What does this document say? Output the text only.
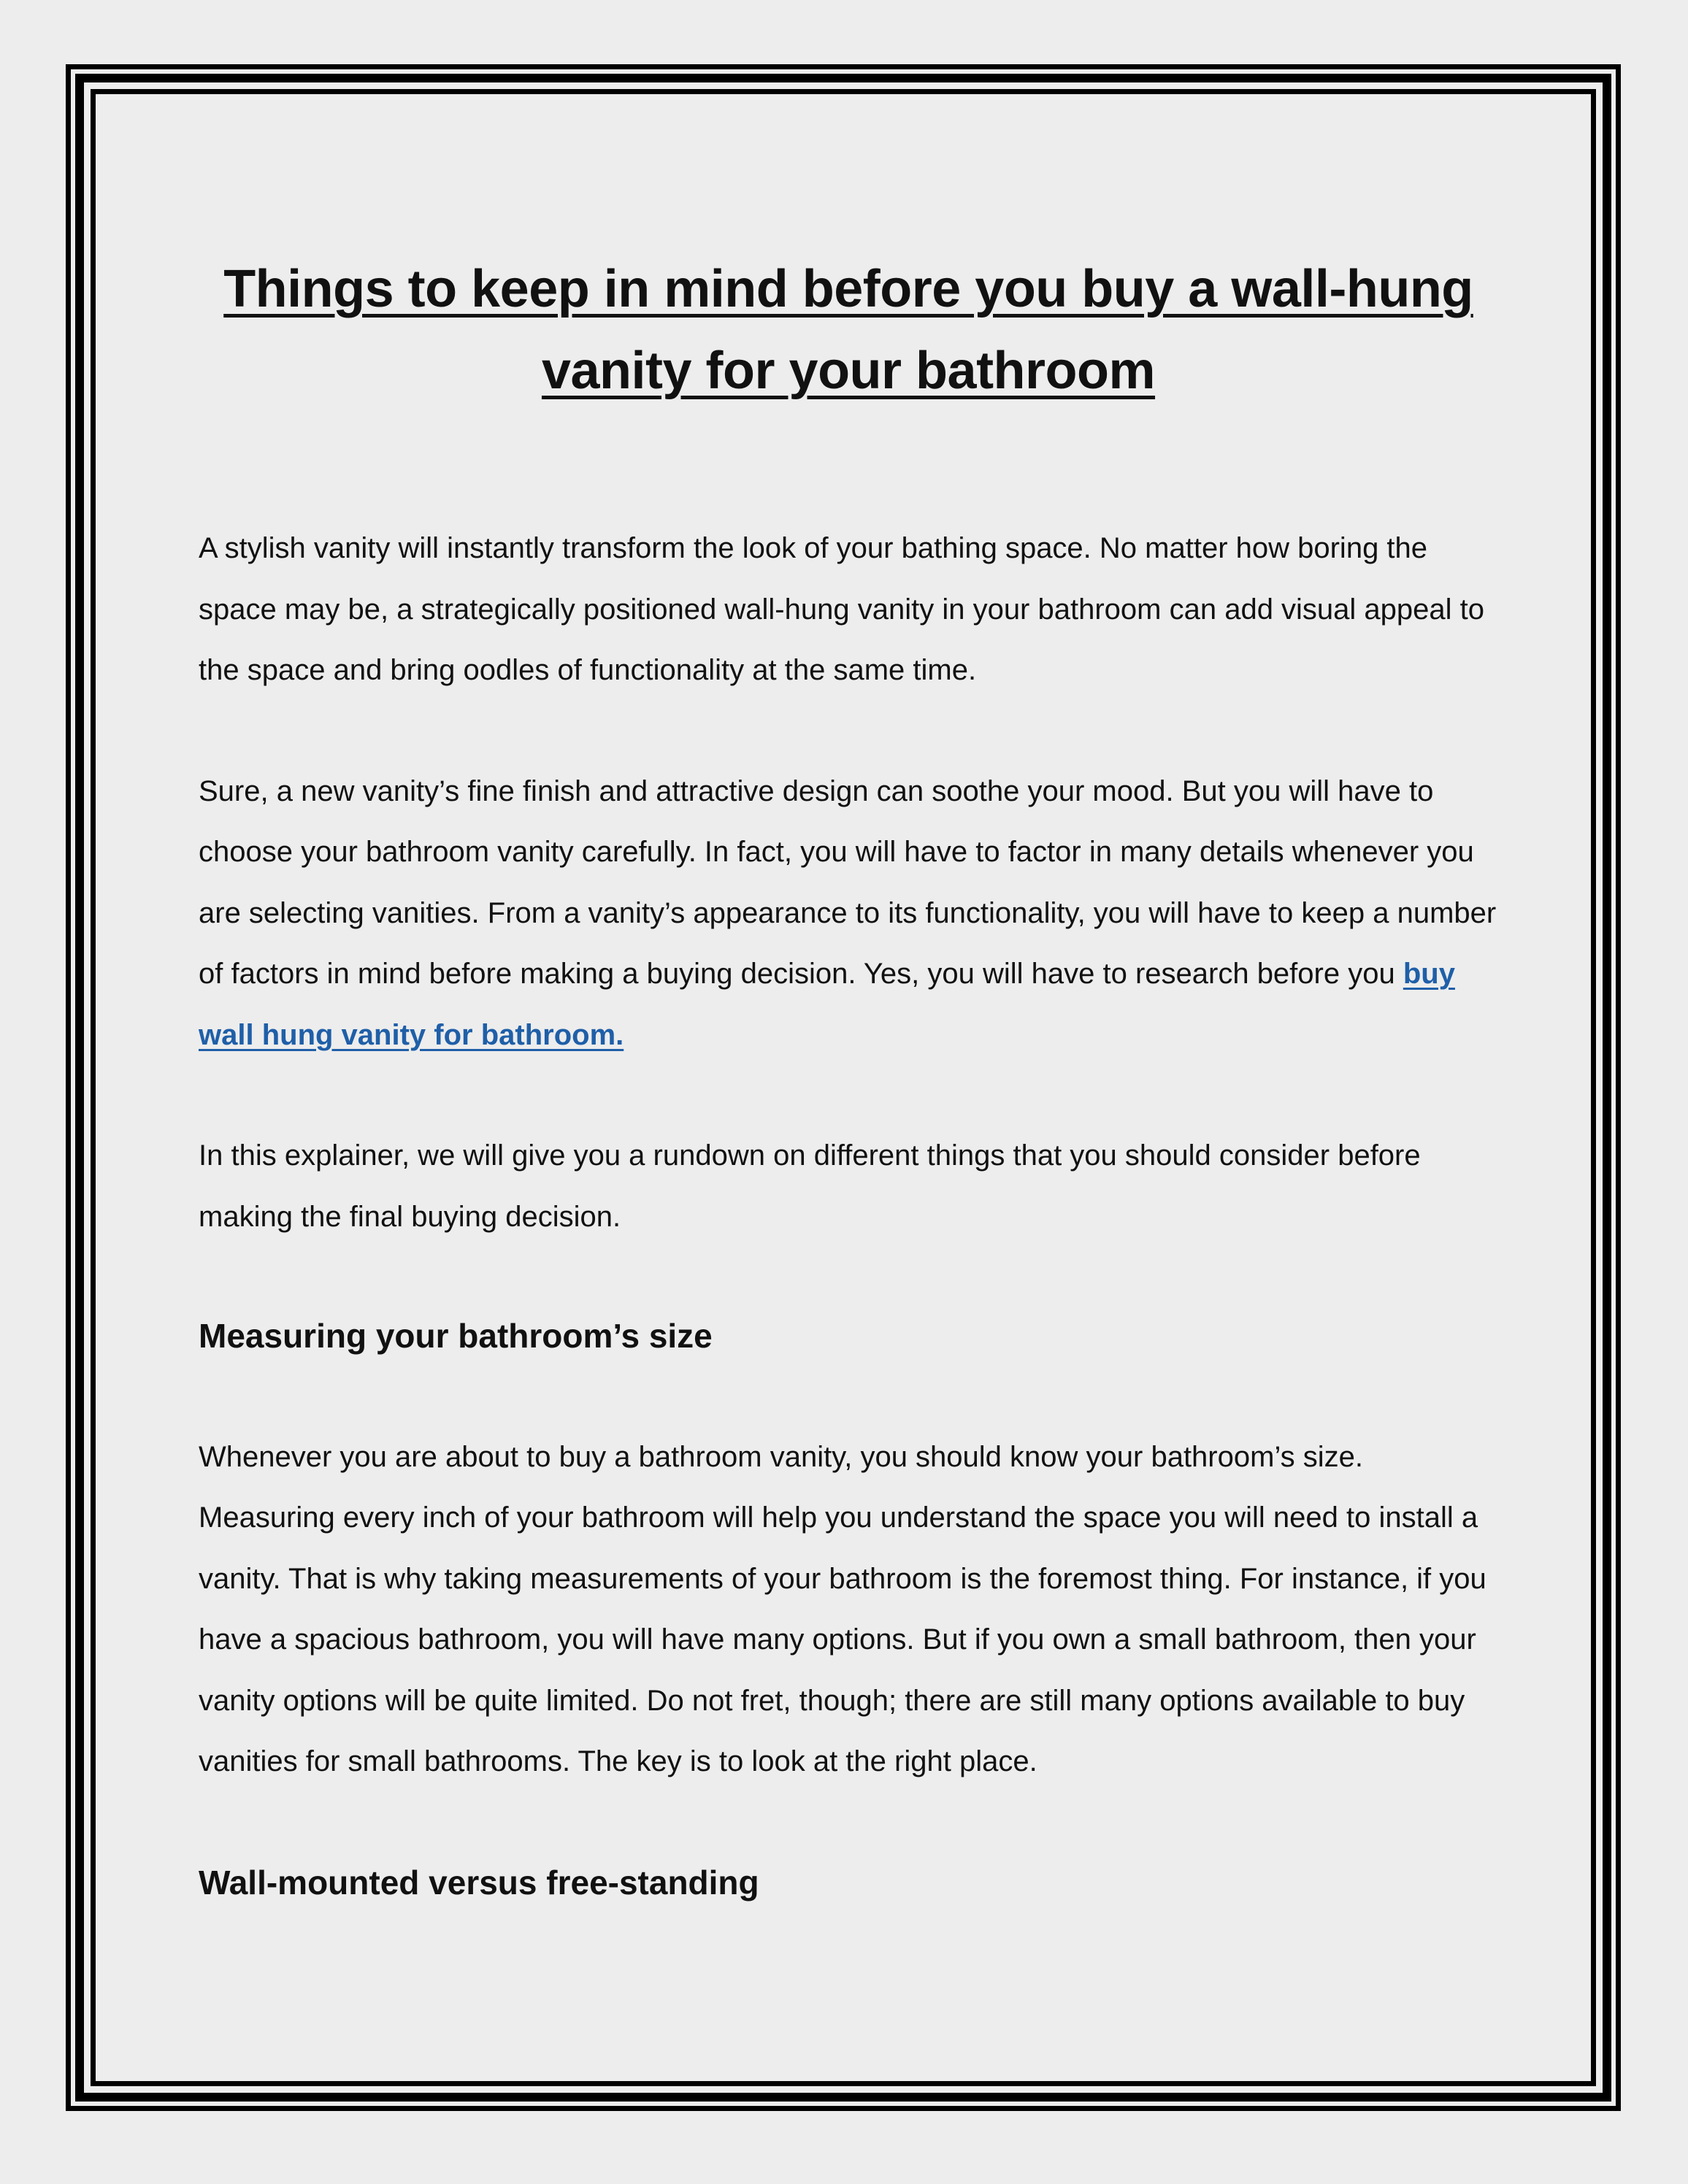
Things to keep in mind before you buy a wall-hung
vanity for your bathroom

A stylish vanity will instantly transform the look of your bathing space. No matter how boring the space may be, a strategically positioned wall-hung vanity in your bathroom can add visual appeal to the space and bring oodles of functionality at the same time.

Sure, a new vanity’s fine finish and attractive design can soothe your mood. But you will have to choose your bathroom vanity carefully. In fact, you will have to factor in many details whenever you are selecting vanities. From a vanity’s appearance to its functionality, you will have to keep a number of factors in mind before making a buying decision. Yes, you will have to research before you buy wall hung vanity for bathroom.

In this explainer, we will give you a rundown on different things that you should consider before making the final buying decision.

Measuring your bathroom’s size

Whenever you are about to buy a bathroom vanity, you should know your bathroom’s size. Measuring every inch of your bathroom will help you understand the space you will need to install a vanity. That is why taking measurements of your bathroom is the foremost thing. For instance, if you have a spacious bathroom, you will have many options. But if you own a small bathroom, then your vanity options will be quite limited. Do not fret, though; there are still many options available to buy vanities for small bathrooms. The key is to look at the right place.

Wall-mounted versus free-standing
